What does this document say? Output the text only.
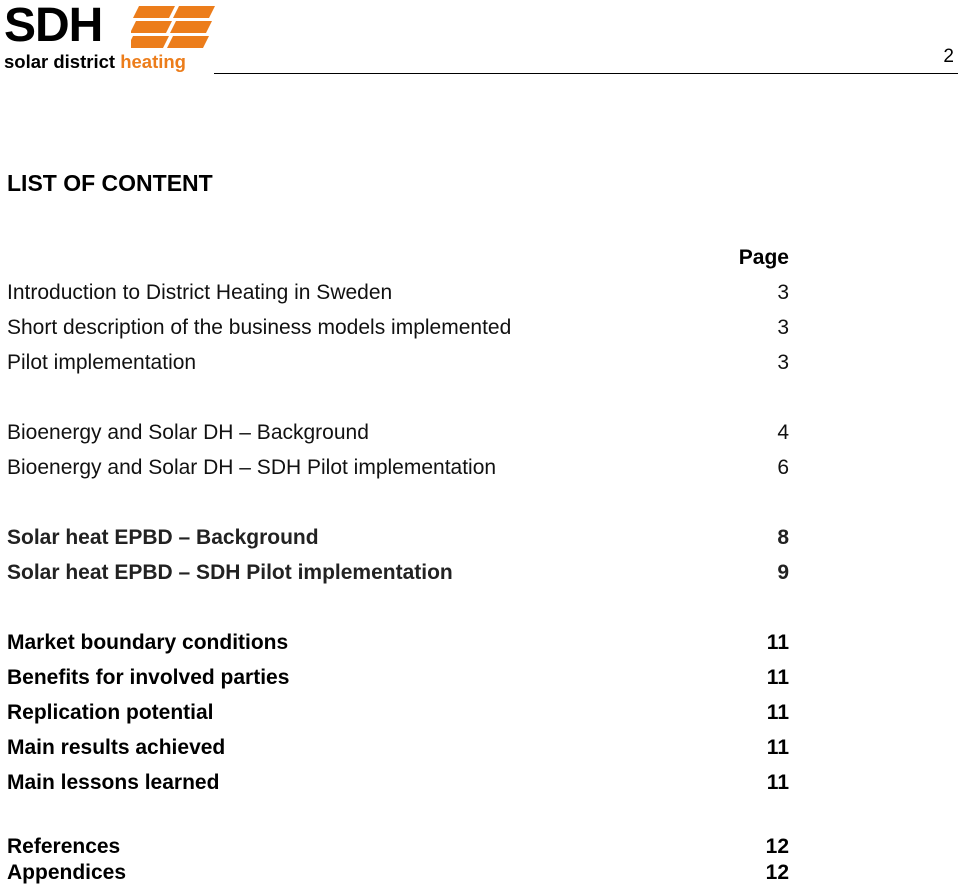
SDH
solar district heating	2
LIST OF CONTENT
Page
Introduction to District Heating in Sweden	3
Short description of the business models implemented	3
Pilot implementation	3
Bioenergy and Solar DH – Background	4
Bioenergy and Solar DH – SDH Pilot implementation	6
Solar heat EPBD – Background	8
Solar heat EPBD – SDH Pilot implementation	9
Market boundary conditions	11
Benefits for involved parties	11
Replication potential	11
Main results achieved	11
Main lessons learned	11
References	12
Appendices	12
